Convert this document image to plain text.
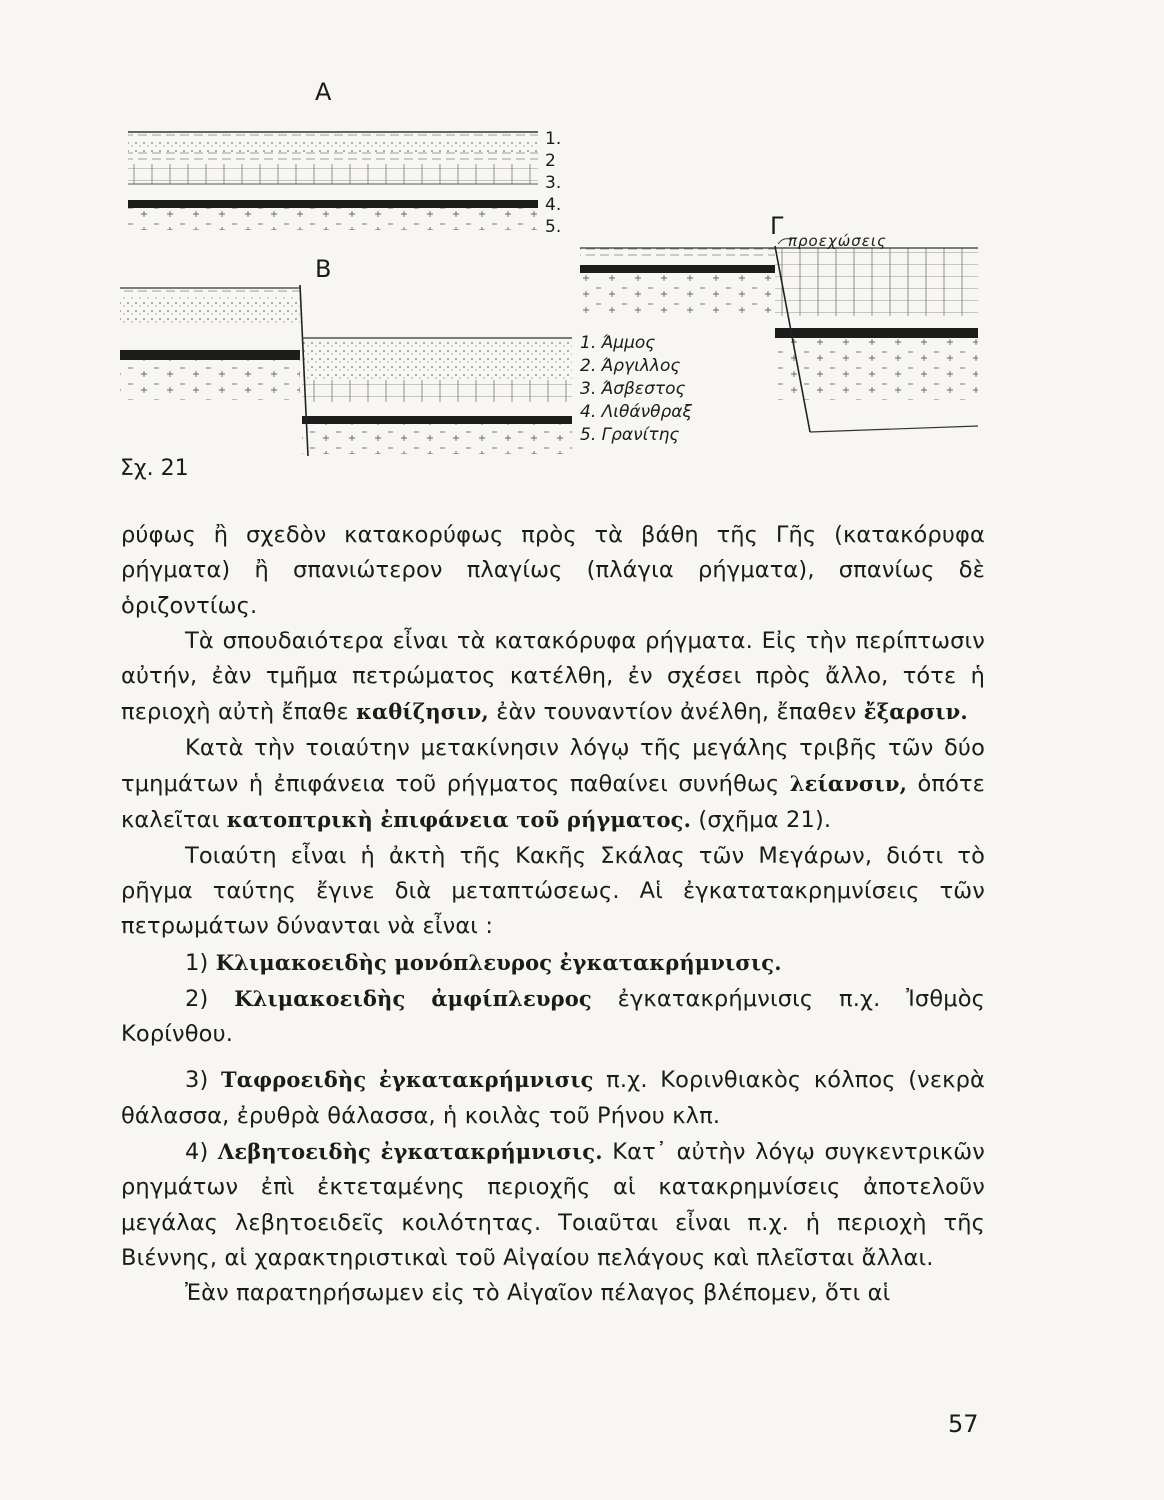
Α
Β
Γ
προεχώσεις
1.
2
3.
4.
5.
1. Άμμος
2. Άργιλλος
3. Άσβεστος
4. Λιθάνθραξ
5. Γρανίτης
Σχ. 21

ρύφως ἢ σχεδὸν κατακορύφως πρὸς τὰ βάθη τῆς Γῆς (κατακόρυφα ρήγματα) ἢ σπανιώτερον πλαγίως (πλάγια ρήγματα), σπανίως δὲ ὁριζοντίως.

Τὰ σπουδαιότερα εἶναι τὰ κατακόρυφα ρήγματα. Εἰς τὴν περίπτωσιν αὐτήν, ἐὰν τμῆμα πετρώματος κατέλθη, ἐν σχέσει πρὸς ἄλλο, τότε ἡ περιοχὴ αὐτὴ ἔπαθε καθίζησιν, ἐὰν τουναντίον ἀνέλθη, ἔπαθεν ἔξαρσιν.

Κατὰ τὴν τοιαύτην μετακίνησιν λόγῳ τῆς μεγάλης τριβῆς τῶν δύο τμημάτων ἡ ἐπιφάνεια τοῦ ρήγματος παθαίνει συνήθως λείανσιν, ὁπότε καλεῖται κατοπτρικὴ ἐπιφάνεια τοῦ ρήγματος. (σχῆμα 21).

Τοιαύτη εἶναι ἡ ἀκτὴ τῆς Κακῆς Σκάλας τῶν Μεγάρων, διότι τὸ ρῆγμα ταύτης ἔγινε διὰ μεταπτώσεως. Αἱ ἐγκατατακρημνίσεις τῶν πετρωμάτων δύνανται νὰ εἶναι :

1) Κλιμακοειδὴς μονόπλευρος ἐγκατακρήμνισις.

2) Κλιμακοειδὴς ἀμφίπλευρος ἐγκατακρήμνισις π.χ. Ἰσθμὸς Κορίνθου.

3) Ταφροειδὴς ἐγκατακρήμνισις π.χ. Κορινθιακὸς κόλπος (νεκρὰ θάλασσα, ἐρυθρὰ θάλασσα, ἡ κοιλὰς τοῦ Ρήνου κλπ.

4) Λεβητοειδὴς ἐγκατακρήμνισις. Κατ᾽ αὐτὴν λόγῳ συγκεντρικῶν ρηγμάτων ἐπὶ ἐκτεταμένης περιοχῆς αἱ κατακρημνίσεις ἀποτελοῦν μεγάλας λεβητοειδεῖς κοιλότητας. Τοιαῦται εἶναι π.χ. ἡ περιοχὴ τῆς Βιέννης, αἱ χαρακτηριστικαὶ τοῦ Αἰγαίου πελάγους καὶ πλεῖσται ἄλλαι.

Ἐὰν παρατηρήσωμεν εἰς τὸ Αἰγαῖον πέλαγος βλέπομεν, ὅτι αἱ

57
